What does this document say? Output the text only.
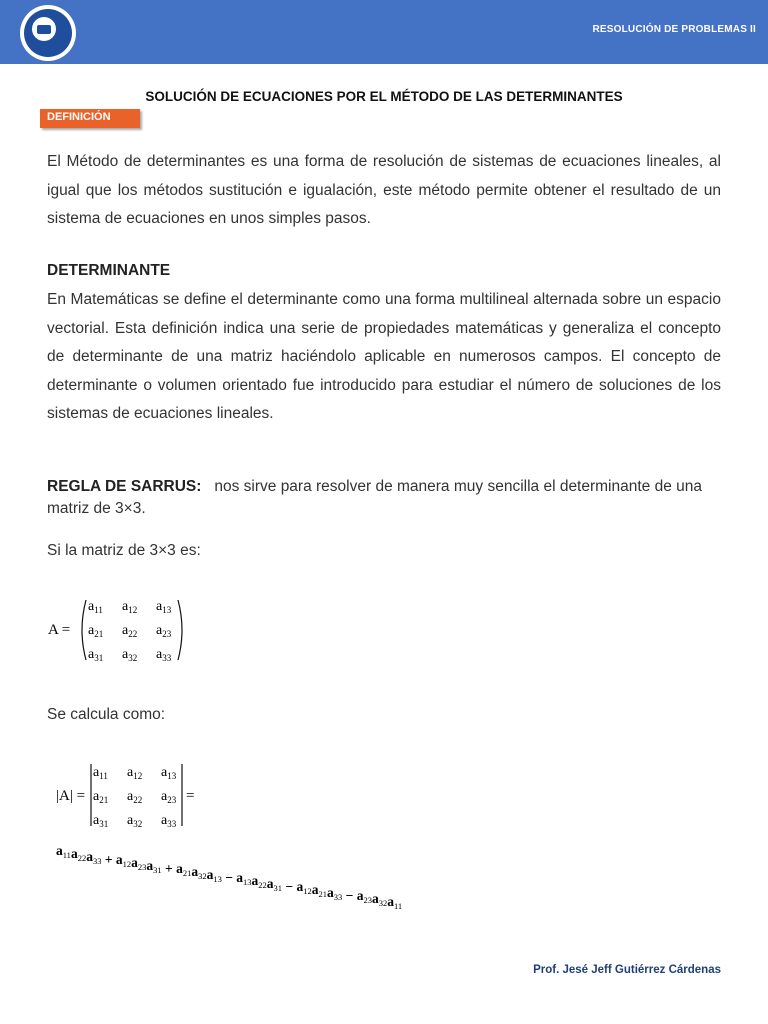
RESOLUCIÓN DE PROBLEMAS II
SOLUCIÓN DE ECUACIONES POR EL MÉTODO DE LAS DETERMINANTES
DEFINICIÓN

El Método de determinantes es una forma de resolución de sistemas de ecuaciones lineales, al igual que los métodos sustitución e igualación, este método permite obtener el resultado de un sistema de ecuaciones en unos simples pasos.

DETERMINANTE

En Matemáticas se define el determinante como una forma multilineal alternada sobre un espacio vectorial. Esta definición indica una serie de propiedades matemáticas y generaliza el concepto de determinante de una matriz haciéndolo aplicable en numerosos campos. El concepto de determinante o volumen orientado fue introducido para estudiar el número de soluciones de los sistemas de ecuaciones lineales.

REGLA DE SARRUS: nos sirve para resolver de manera muy sencilla el determinante de una matriz de 3×3.
Si la matriz de 3×3 es:
A =
$a_{11}$ $a_{12}$ $a_{13}$
$a_{21}$ $a_{22}$ $a_{23}$
$a_{31}$ $a_{32}$ $a_{33}$
Se calcula como:
|A| =	=
$a_{11}$ $a_{12}$ $a_{13}$
$a_{21}$ $a_{22}$ $a_{23}$
$a_{31}$ $a_{32}$ $a_{33}$
$a_{11}a_{22}a_{33} + a_{12}a_{23}a_{31} + a_{21}a_{32}a_{13} - a_{13}a_{22}a_{31} - a_{12}a_{21}a_{33} - a_{23}a_{32}a_{11}$
Prof. Jesé Jeff Gutiérrez Cárdenas
